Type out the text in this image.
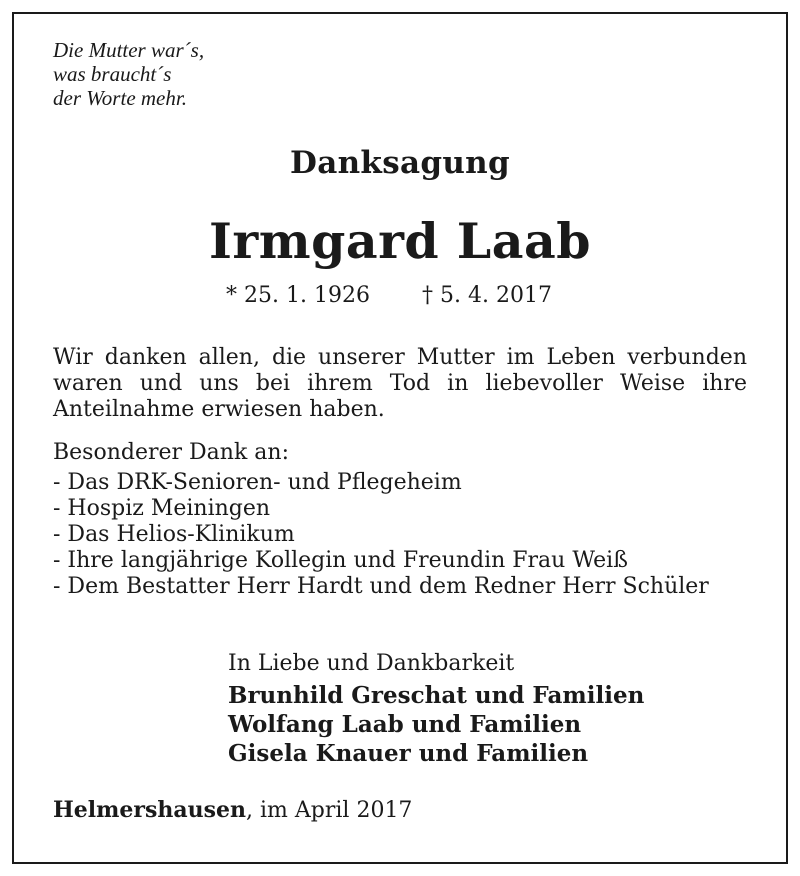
Die Mutter war´s,
was braucht´s
der Worte mehr.
Danksagung
Irmgard Laab
* 25. 1. 1926 † 5. 4. 2017
Wir danken allen, die unserer Mutter im Leben verbunden waren und uns bei ihrem Tod in liebevoller Weise ihre Anteilnahme erwiesen haben.
Besonderer Dank an:
- Das DRK-Senioren- und Pflegeheim
- Hospiz Meiningen
- Das Helios-Klinikum
- Ihre langjährige Kollegin und Freundin Frau Weiß
- Dem Bestatter Herr Hardt und dem Redner Herr Schüler
In Liebe und Dankbarkeit
Brunhild Greschat und Familien
Wolfang Laab und Familien
Gisela Knauer und Familien
Helmershausen, im April 2017
